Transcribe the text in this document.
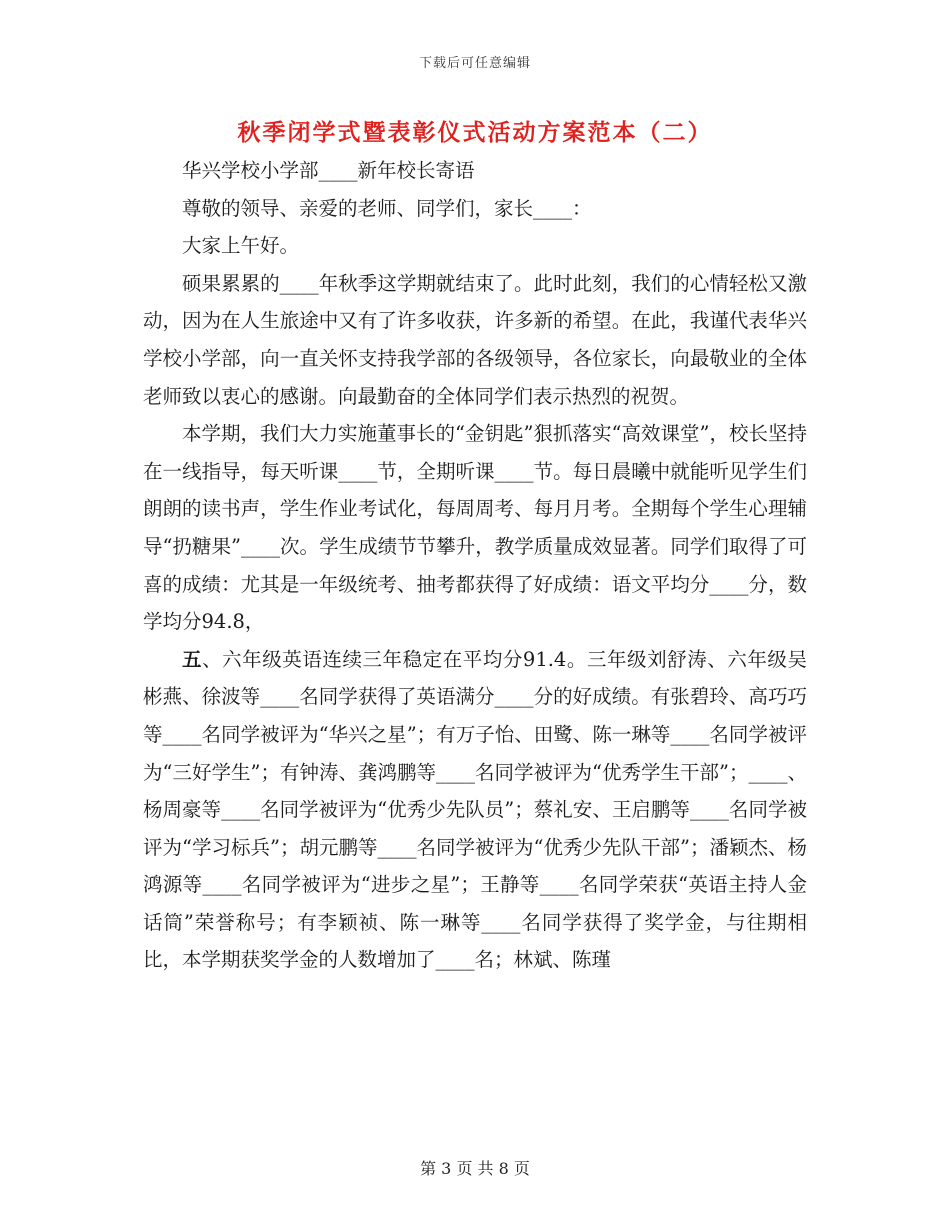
下载后可任意编辑
秋季闭学式暨表彰仪式活动方案范本（二）

华兴学校小学部____新年校长寄语

尊敬的领导、亲爱的老师、同学们，家长____：

大家上午好。

硕果累累的____年秋季这学期就结束了。此时此刻，我们的心情轻松又激动，因为在人生旅途中又有了许多收获，许多新的希望。在此，我谨代表华兴学校小学部，向一直关怀支持我学部的各级领导，各位家长，向最敬业的全体老师致以衷心的感谢。向最勤奋的全体同学们表示热烈的祝贺。

本学期，我们大力实施董事长的“金钥匙”狠抓落实“高效课堂”，校长坚持在一线指导，每天听课____节，全期听课____节。每日晨曦中就能听见学生们朗朗的读书声，学生作业考试化，每周周考、每月月考。全期每个学生心理辅导“扔糖果”____次。学生成绩节节攀升，教学质量成效显著。同学们取得了可喜的成绩：尤其是一年级统考、抽考都获得了好成绩：语文平均分____分，数学均分94.8，

五、六年级英语连续三年稳定在平均分91.4。三年级刘舒涛、六年级吴彬燕、徐波等____名同学获得了英语满分____分的好成绩。有张碧玲、高巧巧等____名同学被评为“华兴之星”；有万子怡、田鹭、陈一琳等____名同学被评为“三好学生”；有钟涛、龚鸿鹏等____名同学被评为“优秀学生干部”；____、杨周豪等____名同学被评为“优秀少先队员”；蔡礼安、王启鹏等____名同学被评为“学习标兵”；胡元鹏等____名同学被评为“优秀少先队干部”；潘颖杰、杨鸿源等____名同学被评为“进步之星”；王静等____名同学荣获“英语主持人金话筒”荣誉称号；有李颖祯、陈一琳等____名同学获得了奖学金，与往期相比，本学期获奖学金的人数增加了____名；林斌、陈瑾

第 3 页 共 8 页
